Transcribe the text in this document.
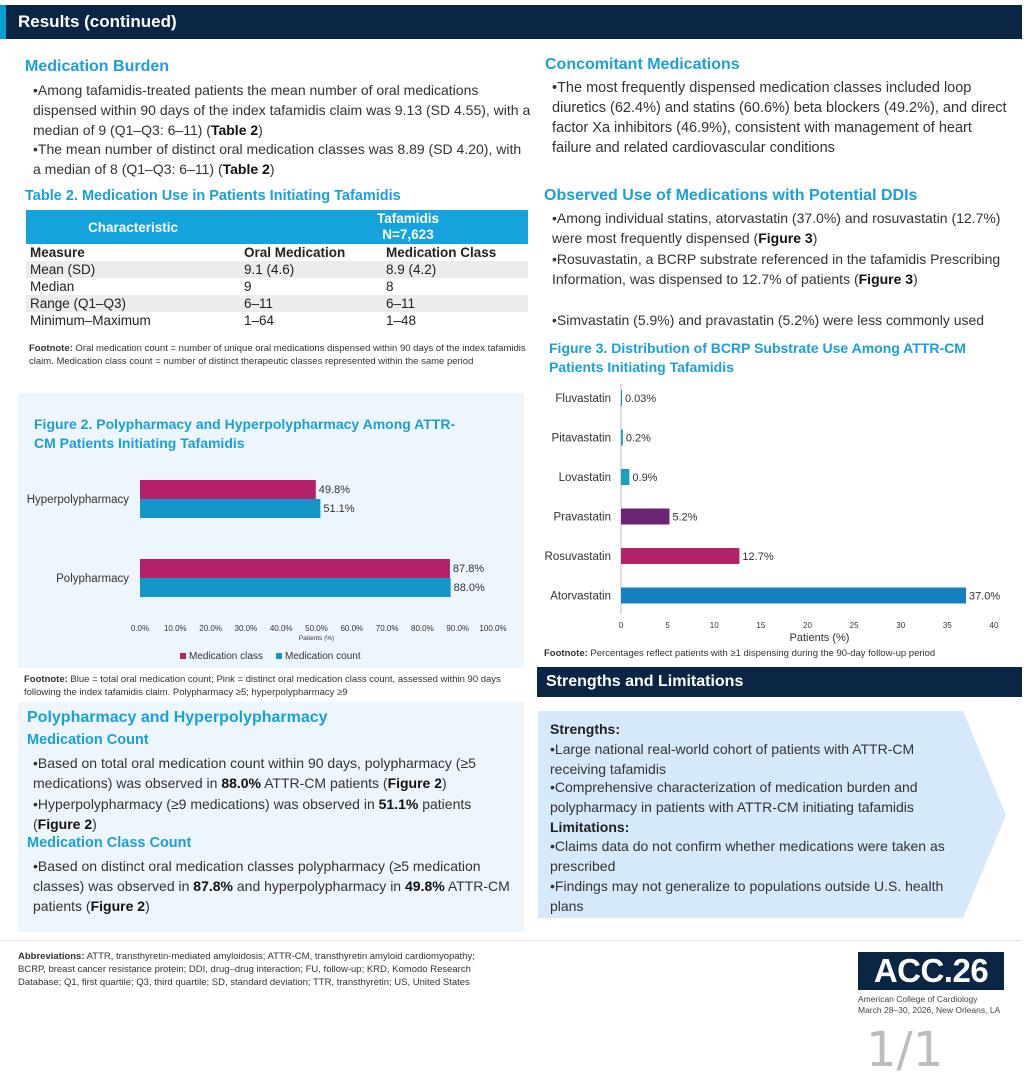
Results (continued)
Medication Burden
•Among tafamidis-treated patients the mean number of oral medications dispensed within 90 days of the index tafamidis claim was 9.13 (SD 4.55), with a median of 9 (Q1–Q3: 6–11) (Table 2)
•The mean number of distinct oral medication classes was 8.89 (SD 4.20), with a median of 8 (Q1–Q3: 6–11) (Table 2)
Table 2. Medication Use in Patients Initiating Tafamidis
Characteristic
Tafamidis
N=7,623
Measure	Oral Medication	Medication Class
Mean (SD)	9.1 (4.6)	8.9 (4.2)
Median	9	8
Range (Q1–Q3)	6–11	6–11
Minimum–Maximum	1–64	1–48
Footnote: Oral medication count = number of unique oral medications dispensed within 90 days of the index tafamidis claim. Medication class count = number of distinct therapeutic classes represented within the same period
Figure 2. Polypharmacy and Hyperpolypharmacy Among ATTR-CM Patients Initiating Tafamidis
Hyperpolypharmacy
49.8%
51.1%
Polypharmacy
87.8%
88.0%
0.0% 10.0% 20.0% 30.0% 40.0% 50.0% 60.0% 70.0% 80.0% 90.0% 100.0%
Patients (%)
Medication class Medication count
Footnote: Blue = total oral medication count; Pink = distinct oral medication class count, assessed within 90 days following the index tafamidis claim. Polypharmacy ≥5; hyperpolypharmacy ≥9
Polypharmacy and Hyperpolypharmacy
Medication Count
•Based on total oral medication count within 90 days, polypharmacy (≥5 medications) was observed in 88.0% ATTR-CM patients (Figure 2)
•Hyperpolypharmacy (≥9 medications) was observed in 51.1% patients (Figure 2)
Medication Class Count
•Based on distinct oral medication classes polypharmacy (≥5 medication classes) was observed in 87.8% and hyperpolypharmacy in 49.8% ATTR-CM patients (Figure 2)
Concomitant Medications
•The most frequently dispensed medication classes included loop diuretics (62.4%) and statins (60.6%) beta blockers (49.2%), and direct factor Xa inhibitors (46.9%), consistent with management of heart failure and related cardiovascular conditions
Observed Use of Medications with Potential DDIs
•Among individual statins, atorvastatin (37.0%) and rosuvastatin (12.7%) were most frequently dispensed (Figure 3)
•Rosuvastatin, a BCRP substrate referenced in the tafamidis Prescribing Information, was dispensed to 12.7% of patients (Figure 3)
•Simvastatin (5.9%) and pravastatin (5.2%) were less commonly used
Figure 3. Distribution of BCRP Substrate Use Among ATTR-CM Patients Initiating Tafamidis
Fluvastatin 0.03%
Pitavastatin 0.2%
Lovastatin 0.9%
Pravastatin	5.2%
Rosuvastatin	12.7%
Atorvastatin	37.0%
0	5	10	15	20	25	30	35	40
Patients (%)
Footnote: Percentages reflect patients with ≥1 dispensing during the 90-day follow-up period
Strengths and Limitations
Strengths:
•Large national real-world cohort of patients with ATTR-CM receiving tafamidis
•Comprehensive characterization of medication burden and polypharmacy in patients with ATTR-CM initiating tafamidis
Limitations:
•Claims data do not confirm whether medications were taken as prescribed
•Findings may not generalize to populations outside U.S. health plans
Abbreviations: ATTR, transthyretin-mediated amyloidosis; ATTR-CM, transthyretin amyloid cardiomyopathy; BCRP, breast cancer resistance protein; DDI, drug–drug interaction; FU, follow-up; KRD, Komodo Research Database; Q1, first quartile; Q3, third quartile; SD, standard deviation; TTR, transthyretin; US, United States	ACC.26
American College of Cardiology
March 28–30, 2026, New Orleans, LA
1/1
